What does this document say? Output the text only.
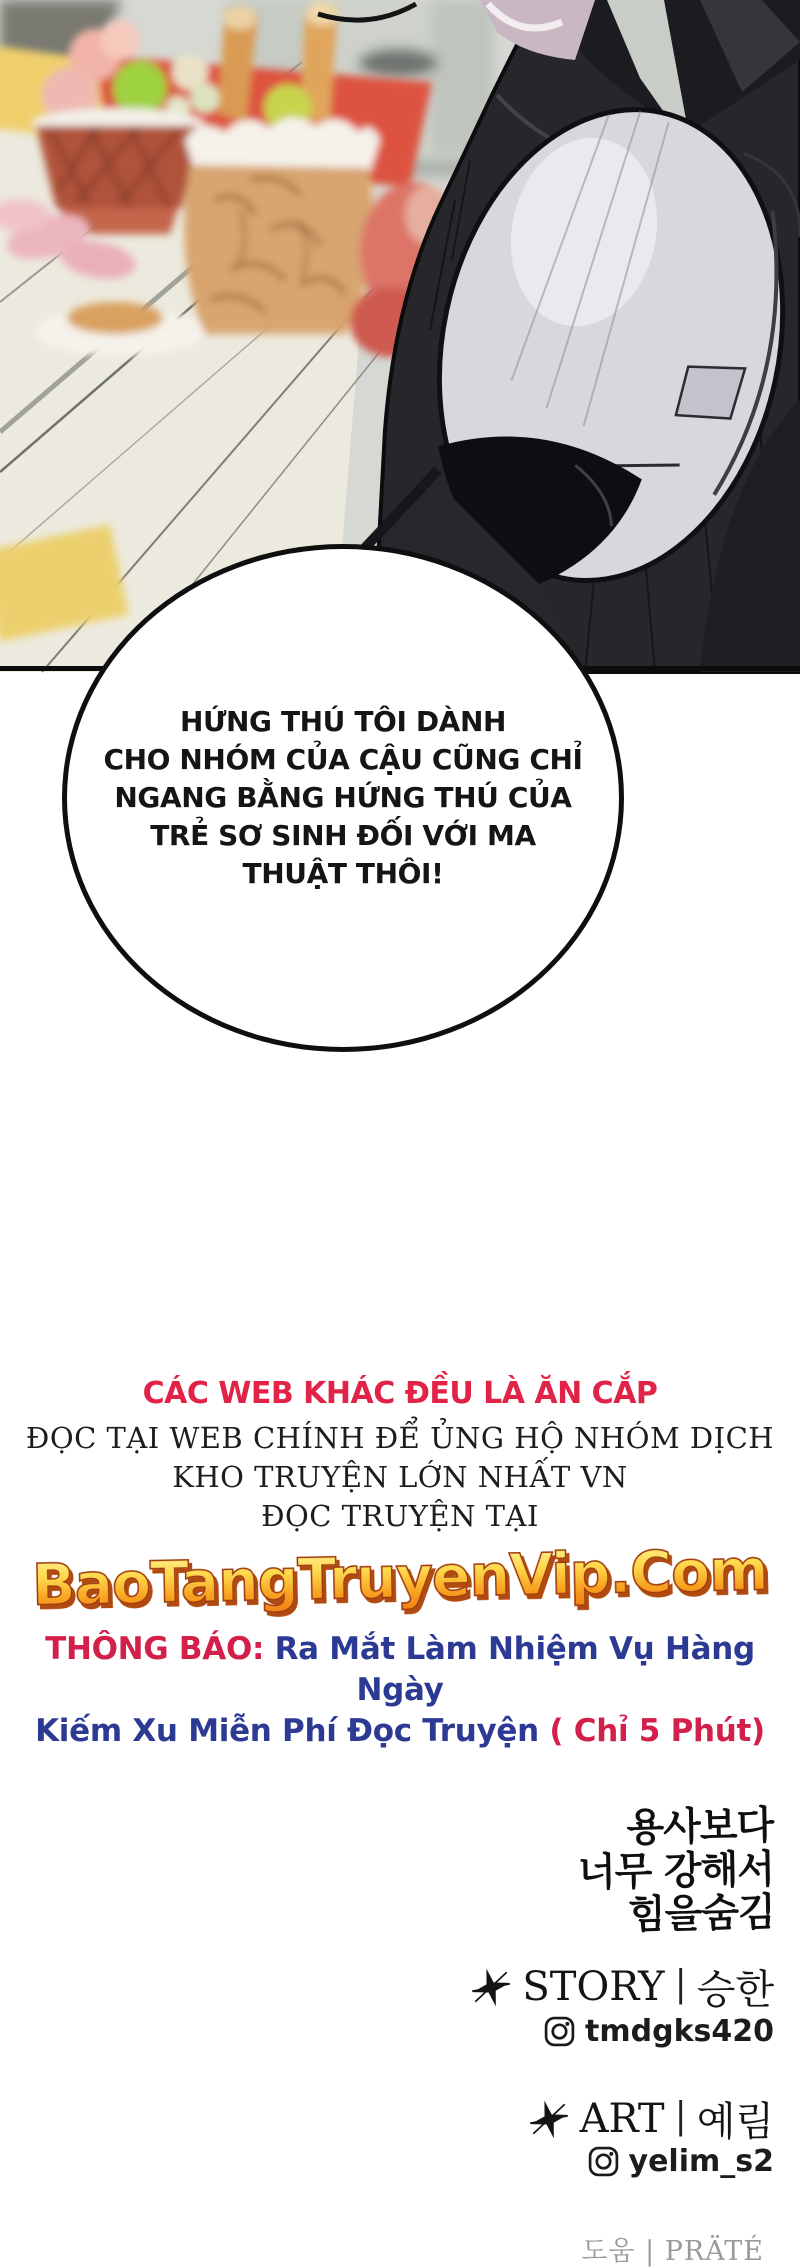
HỨNG THÚ TÔI DÀNH
CHO NHÓM CỦA CẬU CŨNG CHỈ
NGANG BẰNG HỨNG THÚ CỦA
TRẺ SƠ SINH ĐỐI VỚI MA
THUẬT THÔI!
CÁC WEB KHÁC ĐỀU LÀ ĂN CẮP
ĐỌC TẠI WEB CHÍNH ĐỂ ỦNG HỘ NHÓM DỊCH
KHO TRUYỆN LỚN NHẤT VN
ĐỌC TRUYỆN TẠI
BaoTangTruyenVip.Com
THÔNG BÁO: Ra Mắt Làm Nhiệm Vụ Hàng Ngày
Kiếm Xu Miễn Phí Đọc Truyện ( Chỉ 5 Phút)
용사보다
너무 강해서
힘을숨김
STORY | 승한
tmdgks420
ART | 예림
yelim_s2
도움 | PRÄTÉ
